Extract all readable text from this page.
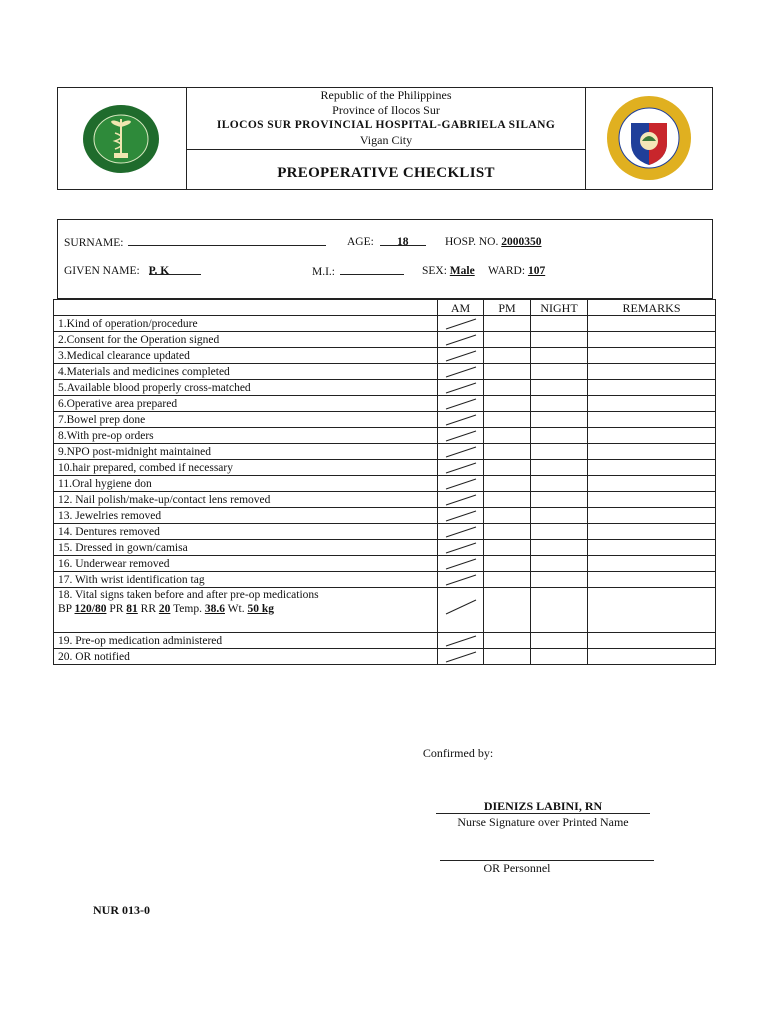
Republic of the Philippines
Province of Ilocos Sur
ILOCOS SUR PROVINCIAL HOSPITAL-GABRIELA SILANG
Vigan City
PREOPERATIVE CHECKLIST
SURNAME:	AGE: 18	HOSP. NO. 2000350
GIVEN NAME: P. K	M.I.:	SEX: Male WARD: 107
	AM	PM	NIGHT	REMARKS
1.Kind of operation/procedure	

2.Consent for the Operation signed	

3.Medical clearance updated	

4.Materials and medicines completed	

5.Available blood properly cross-matched	

6.Operative area prepared	

7.Bowel prep done	

8.With pre-op orders	

9.NPO post-midnight maintained	

10.hair prepared, combed if necessary	

11.Oral hygiene don	

12. Nail polish/make-up/contact lens removed	

13. Jewelries removed	

14. Dentures removed	

15. Dressed in gown/camisa	

16. Underwear removed	

17. With wrist identification tag	

18. Vital signs taken before and after pre-op medications
BP 120/80 PR 81 RR 20 Temp. 38.6 Wt. 50 kg

19. Pre-op medication administered	

20. OR notified	

Confirmed by:
DIENIZS LABINI, RN
Nurse Signature over Printed Name
OR Personnel
NUR 013-0
